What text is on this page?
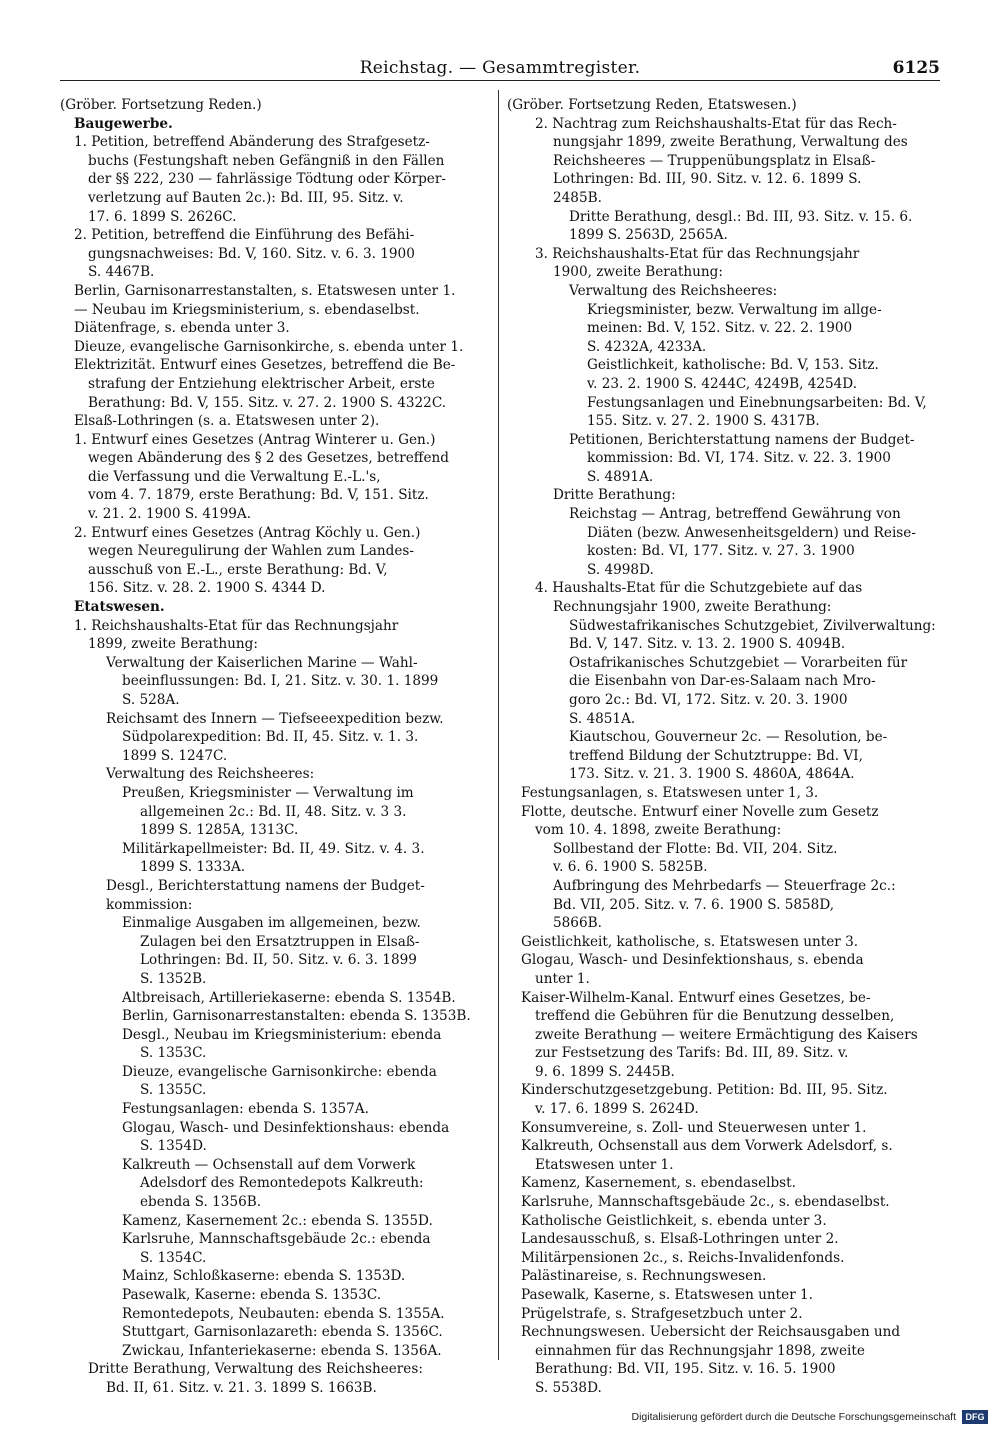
Reichstag. — Gesammtregister.	6125
(Gröber. Fortsetzung Reden.)
Baugewerbe.
1. Petition, betreffend Abänderung des Strafgesetz-
buchs (Festungshaft neben Gefängniß in den Fällen
der §§ 222, 230 — fahrlässige Tödtung oder Körper-
verletzung auf Bauten 2c.): Bd. III, 95. Sitz. v.
17. 6. 1899 S. 2626C.
2. Petition, betreffend die Einführung des Befähi-
gungsnachweises: Bd. V, 160. Sitz. v. 6. 3. 1900
S. 4467B.
Berlin, Garnisonarrestanstalten, s. Etatswesen unter 1.
— Neubau im Kriegsministerium, s. ebendaselbst.
Diätenfrage, s. ebenda unter 3.
Dieuze, evangelische Garnisonkirche, s. ebenda unter 1.
Elektrizität. Entwurf eines Gesetzes, betreffend die Be-
strafung der Entziehung elektrischer Arbeit, erste
Berathung: Bd. V, 155. Sitz. v. 27. 2. 1900 S. 4322C.
Elsaß-Lothringen (s. a. Etatswesen unter 2).
1. Entwurf eines Gesetzes (Antrag Winterer u. Gen.)
wegen Abänderung des § 2 des Gesetzes, betreffend
die Verfassung und die Verwaltung E.-L.'s,
vom 4. 7. 1879, erste Berathung: Bd. V, 151. Sitz.
v. 21. 2. 1900 S. 4199A.
2. Entwurf eines Gesetzes (Antrag Köchly u. Gen.)
wegen Neuregulirung der Wahlen zum Landes-
ausschuß von E.-L., erste Berathung: Bd. V,
156. Sitz. v. 28. 2. 1900 S. 4344 D.
Etatswesen.
1. Reichshaushalts-Etat für das Rechnungsjahr
1899, zweite Berathung:
Verwaltung der Kaiserlichen Marine — Wahl-
beeinflussungen: Bd. I, 21. Sitz. v. 30. 1. 1899
S. 528A.
Reichsamt des Innern — Tiefseeexpedition bezw.
Südpolarexpedition: Bd. II, 45. Sitz. v. 1. 3.
1899 S. 1247C.
Verwaltung des Reichsheeres:
Preußen, Kriegsminister — Verwaltung im
allgemeinen 2c.: Bd. II, 48. Sitz. v. 3 3.
1899 S. 1285A, 1313C.
Militärkapellmeister: Bd. II, 49. Sitz. v. 4. 3.
1899 S. 1333A.
Desgl., Berichterstattung namens der Budget-
kommission:
Einmalige Ausgaben im allgemeinen, bezw.
Zulagen bei den Ersatztruppen in Elsaß-
Lothringen: Bd. II, 50. Sitz. v. 6. 3. 1899
S. 1352B.
Altbreisach, Artilleriekaserne: ebenda S. 1354B.
Berlin, Garnisonarrestanstalten: ebenda S. 1353B.
Desgl., Neubau im Kriegsministerium: ebenda
S. 1353C.
Dieuze, evangelische Garnisonkirche: ebenda
S. 1355C.
Festungsanlagen: ebenda S. 1357A.
Glogau, Wasch- und Desinfektionshaus: ebenda
S. 1354D.
Kalkreuth — Ochsenstall auf dem Vorwerk
Adelsdorf des Remontedepots Kalkreuth:
ebenda S. 1356B.
Kamenz, Kasernement 2c.: ebenda S. 1355D.
Karlsruhe, Mannschaftsgebäude 2c.: ebenda
S. 1354C.
Mainz, Schloßkaserne: ebenda S. 1353D.
Pasewalk, Kaserne: ebenda S. 1353C.
Remontedepots, Neubauten: ebenda S. 1355A.
Stuttgart, Garnisonlazareth: ebenda S. 1356C.
Zwickau, Infanteriekaserne: ebenda S. 1356A.
Dritte Berathung, Verwaltung des Reichsheeres:
Bd. II, 61. Sitz. v. 21. 3. 1899 S. 1663B.
(Gröber. Fortsetzung Reden, Etatswesen.)
2. Nachtrag zum Reichshaushalts-Etat für das Rech-
nungsjahr 1899, zweite Berathung, Verwaltung des
Reichsheeres — Truppenübungsplatz in Elsaß-
Lothringen: Bd. III, 90. Sitz. v. 12. 6. 1899 S.
2485B.
Dritte Berathung, desgl.: Bd. III, 93. Sitz. v. 15. 6.
1899 S. 2563D, 2565A.
3. Reichshaushalts-Etat für das Rechnungsjahr
1900, zweite Berathung:
Verwaltung des Reichsheeres:
Kriegsminister, bezw. Verwaltung im allge-
meinen: Bd. V, 152. Sitz. v. 22. 2. 1900
S. 4232A, 4233A.
Geistlichkeit, katholische: Bd. V, 153. Sitz.
v. 23. 2. 1900 S. 4244C, 4249B, 4254D.
Festungsanlagen und Einebnungsarbeiten: Bd. V,
155. Sitz. v. 27. 2. 1900 S. 4317B.
Petitionen, Berichterstattung namens der Budget-
kommission: Bd. VI, 174. Sitz. v. 22. 3. 1900
S. 4891A.
Dritte Berathung:
Reichstag — Antrag, betreffend Gewährung von
Diäten (bezw. Anwesenheitsgeldern) und Reise-
kosten: Bd. VI, 177. Sitz. v. 27. 3. 1900
S. 4998D.
4. Haushalts-Etat für die Schutzgebiete auf das
Rechnungsjahr 1900, zweite Berathung:
Südwestafrikanisches Schutzgebiet, Zivilverwaltung:
Bd. V, 147. Sitz. v. 13. 2. 1900 S. 4094B.
Ostafrikanisches Schutzgebiet — Vorarbeiten für
die Eisenbahn von Dar-es-Salaam nach Mro-
goro 2c.: Bd. VI, 172. Sitz. v. 20. 3. 1900
S. 4851A.
Kiautschou, Gouverneur 2c. — Resolution, be-
treffend Bildung der Schutztruppe: Bd. VI,
173. Sitz. v. 21. 3. 1900 S. 4860A, 4864A.
Festungsanlagen, s. Etatswesen unter 1, 3.
Flotte, deutsche. Entwurf einer Novelle zum Gesetz
vom 10. 4. 1898, zweite Berathung:
Sollbestand der Flotte: Bd. VII, 204. Sitz.
v. 6. 6. 1900 S. 5825B.
Aufbringung des Mehrbedarfs — Steuerfrage 2c.:
Bd. VII, 205. Sitz. v. 7. 6. 1900 S. 5858D,
5866B.
Geistlichkeit, katholische, s. Etatswesen unter 3.
Glogau, Wasch- und Desinfektionshaus, s. ebenda
unter 1.
Kaiser-Wilhelm-Kanal. Entwurf eines Gesetzes, be-
treffend die Gebühren für die Benutzung desselben,
zweite Berathung — weitere Ermächtigung des Kaisers
zur Festsetzung des Tarifs: Bd. III, 89. Sitz. v.
9. 6. 1899 S. 2445B.
Kinderschutzgesetzgebung. Petition: Bd. III, 95. Sitz.
v. 17. 6. 1899 S. 2624D.
Konsumvereine, s. Zoll- und Steuerwesen unter 1.
Kalkreuth, Ochsenstall aus dem Vorwerk Adelsdorf, s.
Etatswesen unter 1.
Kamenz, Kasernement, s. ebendaselbst.
Karlsruhe, Mannschaftsgebäude 2c., s. ebendaselbst.
Katholische Geistlichkeit, s. ebenda unter 3.
Landesausschuß, s. Elsaß-Lothringen unter 2.
Militärpensionen 2c., s. Reichs-Invalidenfonds.
Palästinareise, s. Rechnungswesen.
Pasewalk, Kaserne, s. Etatswesen unter 1.
Prügelstrafe, s. Strafgesetzbuch unter 2.
Rechnungswesen. Uebersicht der Reichsausgaben und
einnahmen für das Rechnungsjahr 1898, zweite
Berathung: Bd. VII, 195. Sitz. v. 16. 5. 1900
S. 5538D.
Digitalisierung gefördert durch die Deutsche Forschungsgemeinschaft	DFG
